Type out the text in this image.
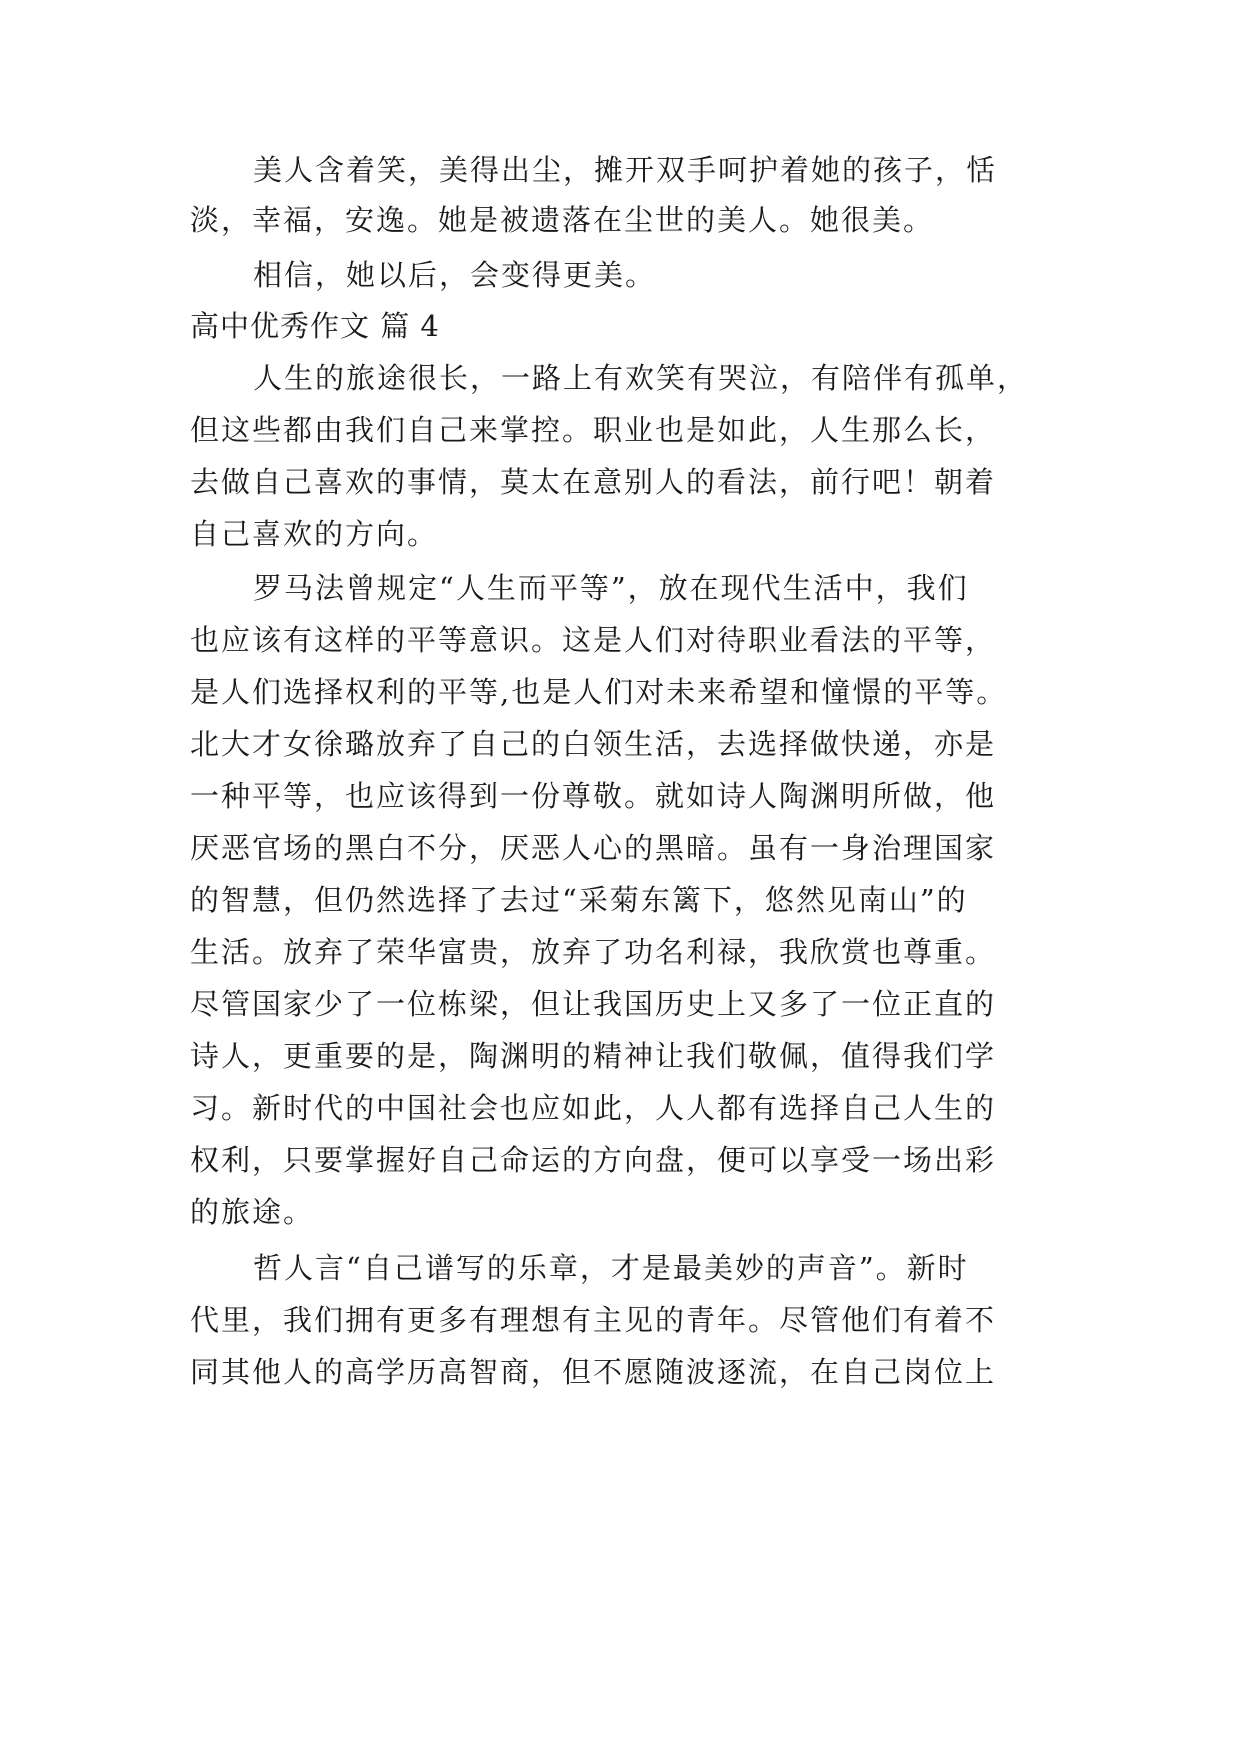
美人含着笑，美得出尘，摊开双手呵护着她的孩子，恬
淡，幸福，安逸。她是被遗落在尘世的美人。她很美。
相信，她以后，会变得更美。
高中优秀作文 篇 4
人生的旅途很长，一路上有欢笑有哭泣，有陪伴有孤单，
但这些都由我们自己来掌控。职业也是如此，人生那么长，
去做自己喜欢的事情，莫太在意别人的看法，前行吧！朝着
自己喜欢的方向。
罗马法曾规定“人生而平等”，放在现代生活中，我们
也应该有这样的平等意识。这是人们对待职业看法的平等，
是人们选择权利的平等,也是人们对未来希望和憧憬的平等。
北大才女徐璐放弃了自己的白领生活，去选择做快递，亦是
一种平等，也应该得到一份尊敬。就如诗人陶渊明所做，他
厌恶官场的黑白不分，厌恶人心的黑暗。虽有一身治理国家
的智慧，但仍然选择了去过“采菊东篱下，悠然见南山”的
生活。放弃了荣华富贵，放弃了功名利禄，我欣赏也尊重。
尽管国家少了一位栋梁，但让我国历史上又多了一位正直的
诗人，更重要的是，陶渊明的精神让我们敬佩，值得我们学
习。新时代的中国社会也应如此，人人都有选择自己人生的
权利，只要掌握好自己命运的方向盘，便可以享受一场出彩
的旅途。
哲人言“自己谱写的乐章，才是最美妙的声音”。新时
代里，我们拥有更多有理想有主见的青年。尽管他们有着不
同其他人的高学历高智商，但不愿随波逐流，在自己岗位上
